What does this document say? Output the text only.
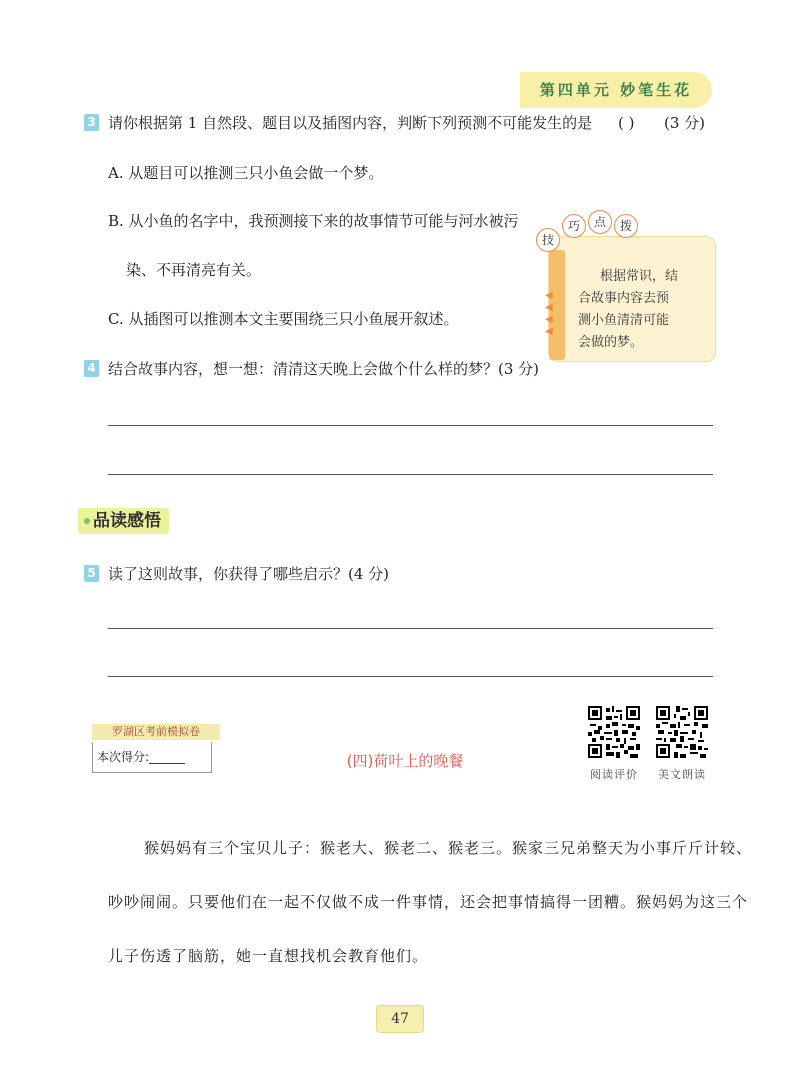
第四单元 妙笔生花
3 请你根据第 1 自然段、题目以及插图内容，判断下列预测不可能发生的是 ( ) (3 分)
A. 从题目可以推测三只小鱼会做一个梦。
B. 从小鱼的名字中，我预测接下来的故事情节可能与河水被污
染、不再清亮有关。
C. 从插图可以推测本文主要围绕三只小鱼展开叙述。
◀
◀
◀
◀
技
巧	点	拨
根据常识，结
合故事内容去预
测小鱼清清可能
会做的梦。
4 结合故事内容，想一想：清清这天晚上会做个什么样的梦？(3 分)
品读感悟
5 读了这则故事，你获得了哪些启示？(4 分)
罗湖区考前模拟卷
本次得分:______	(四)荷叶上的晚餐
阅读评价	美文朗读
猴妈妈有三个宝贝儿子：猴老大、猴老二、猴老三。猴家三兄弟整天为小事斤斤计较、
吵吵闹闹。只要他们在一起不仅做不成一件事情，还会把事情搞得一团糟。猴妈妈为这三个
儿子伤透了脑筋，她一直想找机会教育他们。
47
